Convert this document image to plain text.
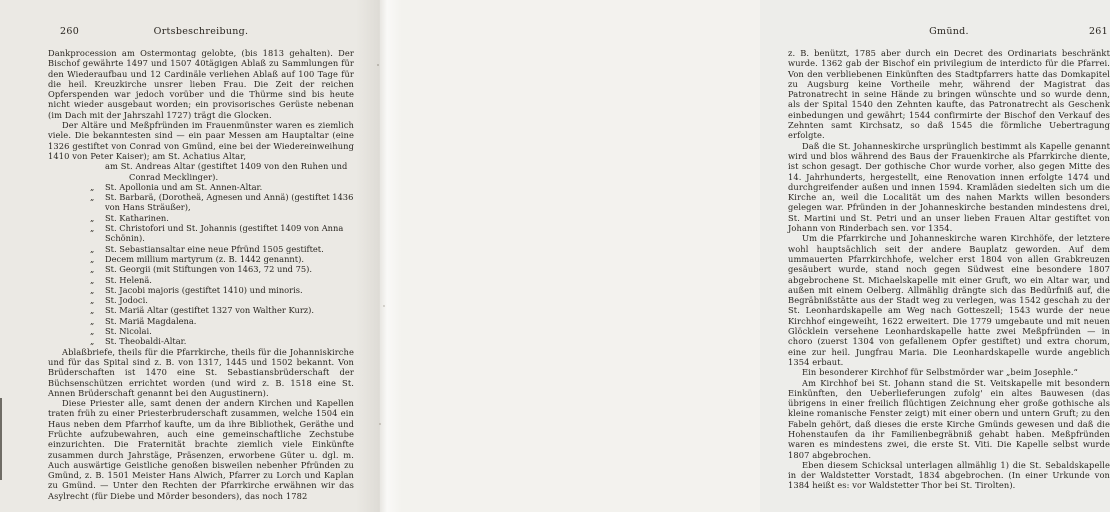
260	Ortsbeschreibung.

Dankprocession am Ostermontag gelobte, (bis 1813 gehalten). Der Bischof gewährte 1497 und 1507 40tägigen Ablaß zu Sammlungen für den Wiederaufbau und 12 Cardinäle verliehen Ablaß auf 100 Tage für die heil. Kreuzkirche unsrer lieben Frau. Die Zeit der reichen Opferspenden war jedoch vorüber und die Thürme sind bis heute nicht wieder ausgebaut worden; ein provisorisches Gerüste nebenan (im Dach mit der Jahrszahl 1727) trägt die Glocken.

Der Altäre und Meßpfründen im Frauenmünster waren es ziemlich viele. Die bekanntesten sind — ein paar Messen am Hauptaltar (eine 1326 gestiftet von Conrad von Gmünd, eine bei der Wiedereinweihung 1410 von Peter Kaiser); am St. Achatius Altar,

am St. Andreas Altar (gestiftet 1409 von den Ruhen und Conrad Mecklinger).

„	St. Apollonia und am St. Annen-Altar.
„	St. Barbarä, (Dorotheä, Agnesen und Annä) (gestiftet 1436 von Hans Sträußer),
„	St. Katharinen.
„	St. Christofori und St. Johannis (gestiftet 1409 von Anna Schönin).
„	St. Sebastiansaltar eine neue Pfründ 1505 gestiftet.
„	Decem millium martyrum (z. B. 1442 genannt).
„	St. Georgii (mit Stiftungen von 1463, 72 und 75).
„	St. Helenä.
„	St. Jacobi majoris (gestiftet 1410) und minoris.
„	St. Jodoci.
„	St. Mariä Altar (gestiftet 1327 von Walther Kurz).
„	St. Mariä Magdalena.
„	St. Nicolai.
„	St. Theobaldi-Altar.

Ablaßbriefe, theils für die Pfarrkirche, theils für die Johanniskirche und für das Spital sind z. B. von 1317, 1445 und 1502 bekannt. Von Brüderschaften ist 1470 eine St. Sebastiansbrüderschaft der Büchsenschützen errichtet worden (und wird z. B. 1518 eine St. Annen Brüderschaft genannt bei den Augustinern).

Diese Priester alle, samt denen der andern Kirchen und Kapellen traten früh zu einer Priesterbruderschaft zusammen, welche 1504 ein Haus neben dem Pfarrhof kaufte, um da ihre Bibliothek, Geräthe und Früchte aufzubewahren, auch eine gemeinschaftliche Zechstube einzurichten. Die Fraternität brachte ziemlich viele Einkünfte zusammen durch Jahrstäge, Präsenzen, erworbene Güter u. dgl. m. Auch auswärtige Geistliche genoßen bisweilen nebenher Pfründen zu Gmünd, z. B. 1501 Meister Hans Alwich, Pfarrer zu Lorch und Kaplan zu Gmünd. — Unter den Rechten der Pfarrkirche erwähnen wir das Asylrecht (für Diebe und Mörder besonders), das noch 1782

Gmünd.	261

z. B. benützt, 1785 aber durch ein Decret des Ordinariats beschränkt wurde. 1362 gab der Bischof ein privilegium de interdicto für die Pfarrei. Von den verbliebenen Einkünften des Stadtpfarrers hatte das Domkapitel zu Augsburg keine Vortheile mehr, während der Magistrat das Patronatrecht in seine Hände zu bringen wünschte und so wurde denn, als der Spital 1540 den Zehnten kaufte, das Patronatrecht als Geschenk einbedungen und gewährt; 1544 confirmirte der Bischof den Verkauf des Zehnten samt Kirchsatz, so daß 1545 die förmliche Uebertragung erfolgte.

Daß die St. Johanneskirche ursprünglich bestimmt als Kapelle genannt wird und blos während des Baus der Frauenkirche als Pfarrkirche diente, ist schon gesagt. Der gothische Chor wurde vorher, also gegen Mitte des 14. Jahrhunderts, hergestellt, eine Renovation innen erfolgte 1474 und durchgreifender außen und innen 1594. Kramläden siedelten sich um die Kirche an, weil die Localität um des nahen Markts willen besonders gelegen war. Pfründen in der Johanneskirche bestanden mindestens drei, St. Martini und St. Petri und an unser lieben Frauen Altar gestiftet von Johann von Rinderbach sen. vor 1354.

Um die Pfarrkirche und Johanneskirche waren Kirchhöfe, der letztere wohl hauptsächlich seit der andere Bauplatz geworden. Auf dem ummauerten Pfarrkirchhofe, welcher erst 1804 von allen Grabkreuzen gesäubert wurde, stand noch gegen Südwest eine besondere 1807 abgebrochene St. Michaelskapelle mit einer Gruft, wo ein Altar war, und außen mit einem Oelberg. Allmählig drängte sich das Bedürfniß auf, die Begräbnißstätte aus der Stadt weg zu verlegen, was 1542 geschah zu der St. Leonhardskapelle am Weg nach Gotteszell; 1543 wurde der neue Kirchhof eingeweiht, 1622 erweitert. Die 1779 umgebaute und mit neuen Glöcklein versehene Leonhardskapelle hatte zwei Meßpfründen — in choro (zuerst 1304 von gefallenem Opfer gestiftet) und extra chorum, eine zur heil. Jungfrau Maria. Die Leonhardskapelle wurde angeblich 1354 erbaut.

Ein besonderer Kirchhof für Selbstmörder war „beim Josephle.“

Am Kirchhof bei St. Johann stand die St. Veitskapelle mit besondern Einkünften, den Ueberlieferungen zufolg' ein altes Bauwesen (das übrigens in einer freilich flüchtigen Zeichnung eher große gothische als kleine romanische Fenster zeigt) mit einer obern und untern Gruft; zu den Fabeln gehört, daß dieses die erste Kirche Gmünds gewesen und daß die Hohenstaufen da ihr Familienbegräbniß gehabt haben. Meßpfründen waren es mindestens zwei, die erste St. Viti. Die Kapelle selbst wurde 1807 abgebrochen.

Eben diesem Schicksal unterlagen allmählig 1) die St. Sebaldskapelle in der Waldstetter Vorstadt, 1834 abgebrochen. (In einer Urkunde von 1384 heißt es: vor Waldstetter Thor bei St. Tirolten).
